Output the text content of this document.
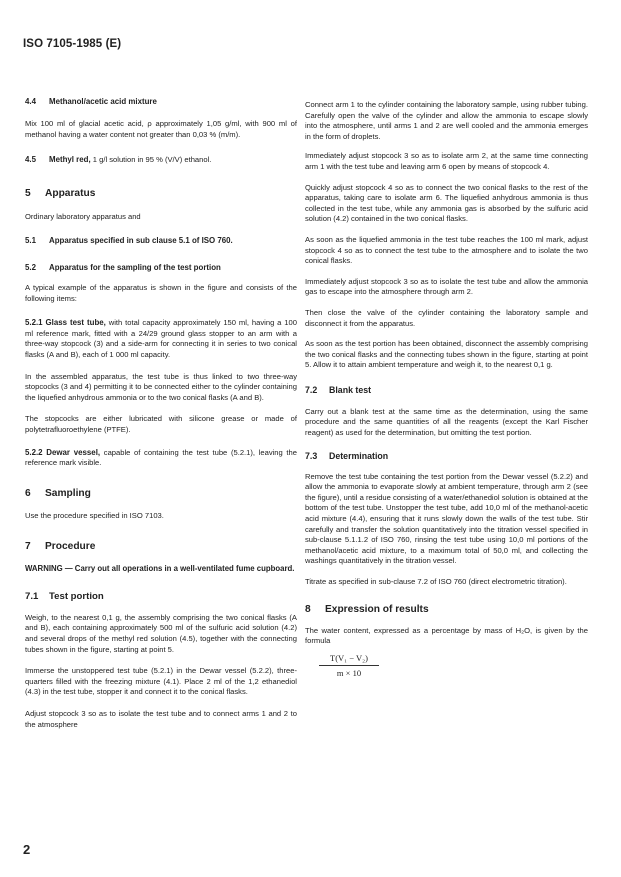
ISO 7105-1985 (E)

4.4 Methanol/acetic acid mixture

Mix 100 ml of glacial acetic acid, ρ approximately 1,05 g/ml, with 900 ml of methanol having a water content not greater than 0,03 % (m/m).

4.5 Methyl red, 1 g/l solution in 95 % (V/V) ethanol.

5 Apparatus

Ordinary laboratory apparatus and

5.1 Apparatus specified in sub clause 5.1 of ISO 760.

5.2 Apparatus for the sampling of the test portion

A typical example of the apparatus is shown in the figure and consists of the following items:

5.2.1 Glass test tube, with total capacity approximately 150 ml, having a 100 ml reference mark, fitted with a 24/29 ground glass stopper to an arm with a three-way stopcock (3) and a side-arm for connecting it in series to two conical flasks (A and B), each of 1 000 ml capacity.

In the assembled apparatus, the test tube is thus linked to two three-way stopcocks (3 and 4) permitting it to be connected either to the cylinder containing the liquefied anhydrous ammonia or to the two conical flasks (A and B).

The stopcocks are either lubricated with silicone grease or made of polytetrafluoroethylene (PTFE).

5.2.2 Dewar vessel, capable of containing the test tube (5.2.1), leaving the reference mark visible.

6 Sampling

Use the procedure specified in ISO 7103.

7 Procedure

WARNING — Carry out all operations in a well-ventilated fume cupboard.

7.1 Test portion

Weigh, to the nearest 0,1 g, the assembly comprising the two conical flasks (A and B), each containing approximately 500 ml of the sulfuric acid solution (4.2) and several drops of the methyl red solution (4.5), together with the connecting tubes shown in the figure, starting at point 5.

Immerse the unstoppered test tube (5.2.1) in the Dewar vessel (5.2.2), three-quarters filled with the freezing mixture (4.1). Place 2 ml of the 1,2 ethanediol (4.3) in the test tube, stopper it and connect it to the conical flasks.

Adjust stopcock 3 so as to isolate the test tube and to connect arms 1 and 2 to the atmosphere

Connect arm 1 to the cylinder containing the laboratory sample, using rubber tubing. Carefully open the valve of the cylinder and allow the ammonia to escape slowly into the atmosphere, until arms 1 and 2 are well cooled and the ammonia emerges in the form of droplets.

Immediately adjust stopcock 3 so as to isolate arm 2, at the same time connecting arm 1 with the test tube and leaving arm 6 open by means of stopcock 4.

Quickly adjust stopcock 4 so as to connect the two conical flasks to the rest of the apparatus, taking care to isolate arm 6. The liquefied anhydrous ammonia is thus collected in the test tube, while any ammonia gas is absorbed by the sulfuric acid solution (4.2) contained in the two conical flasks.

As soon as the liquefied ammonia in the test tube reaches the 100 ml mark, adjust stopcock 4 so as to connect the test tube to the atmosphere and to isolate the two conical flasks.

Immediately adjust stopcock 3 so as to isolate the test tube and allow the ammonia gas to escape into the atmosphere through arm 2.

Then close the valve of the cylinder containing the laboratory sample and disconnect it from the apparatus.

As soon as the test portion has been obtained, disconnect the assembly comprising the two conical flasks and the connecting tubes shown in the figure, starting at point 5. Allow it to attain ambient temperature and weigh it, to the nearest 0,1 g.

7.2 Blank test

Carry out a blank test at the same time as the determination, using the same procedure and the same quantities of all the reagents (except the Karl Fischer reagent) as used for the determination, but omitting the test portion.

7.3 Determination

Remove the test tube containing the test portion from the Dewar vessel (5.2.2) and allow the ammonia to evaporate slowly at ambient temperature, through arm 2 (see the figure), until a residue consisting of a water/ethanediol solution is obtained at the bottom of the test tube. Unstopper the test tube, add 10,0 ml of the methanol-acetic acid mixture (4.4), ensuring that it runs slowly down the walls of the test tube. Stir carefully and transfer the solution quantitatively into the titration vessel specified in sub-clause 5.1.1.2 of ISO 760, rinsing the test tube using 10,0 ml portions of the methanol/acetic acid mixture, to a maximum total of 50,0 ml, and collecting the washings quantitatively in the titration vessel.

Titrate as specified in sub-clause 7.2 of ISO 760 (direct electrometric titration).

8 Expression of results

The water content, expressed as a percentage by mass of H₂O, is given by the formula

T(V₁ − V₂)
m × 10
2
